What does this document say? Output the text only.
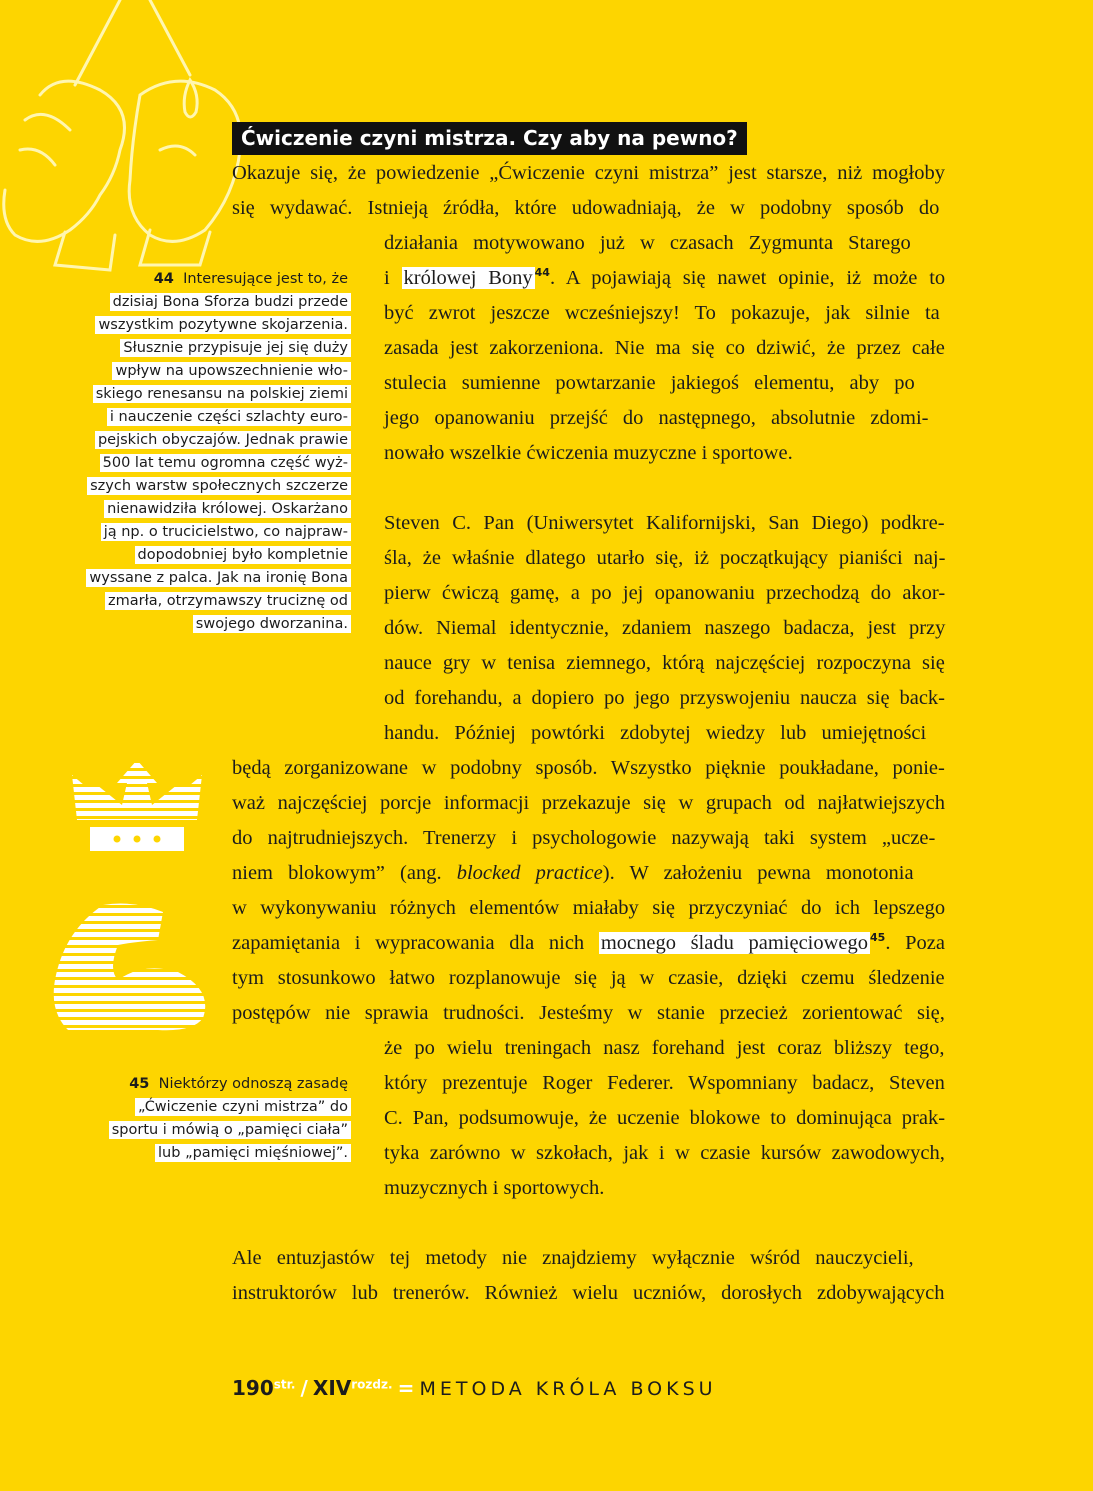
Ćwiczenie czyni mistrza. Czy aby na pewno?
Okazuje się, że powiedzenie „Ćwiczenie czyni mistrza” jest starsze, niż mogłoby
się wydawać. Istnieją źródła, które udowadniają, że w podobny sposób do
działania motywowano już w czasach Zygmunta Starego
i królowej Bony $^{44}$. A pojawiają się nawet opinie, iż może to
być zwrot jeszcze wcześniejszy! To pokazuje, jak silnie ta
zasada jest zakorzeniona. Nie ma się co dziwić, że przez całe
stulecia sumienne powtarzanie jakiegoś elementu, aby po
jego opanowaniu przejść do następnego, absolutnie zdomi-
nowało wszelkie ćwiczenia muzyczne i sportowe.
Steven C. Pan (Uniwersytet Kalifornijski, San Diego) podkre-
śla, że właśnie dlatego utarło się, iż początkujący pianiści naj-
pierw ćwiczą gamę, a po jej opanowaniu przechodzą do akor-
dów. Niemal identycznie, zdaniem naszego badacza, jest przy
nauce gry w tenisa ziemnego, którą najczęściej rozpoczyna się
od forehandu, a dopiero po jego przyswojeniu naucza się back-
handu. Później powtórki zdobytej wiedzy lub umiejętności
będą zorganizowane w podobny sposób. Wszystko pięknie poukładane, ponie-
waż najczęściej porcje informacji przekazuje się w grupach od najłatwiejszych
do najtrudniejszych. Trenerzy i psychologowie nazywają taki system „ucze-
niem blokowym” (ang. blocked practice). W założeniu pewna monotonia
w wykonywaniu różnych elementów miałaby się przyczyniać do ich lepszego
zapamiętania i wypracowania dla nich mocnego śladu pamięciowego $^{45}$. Poza
tym stosunkowo łatwo rozplanowuje się ją w czasie, dzięki czemu śledzenie
postępów nie sprawia trudności. Jesteśmy w stanie przecież zorientować się,
że po wielu treningach nasz forehand jest coraz bliższy tego,
który prezentuje Roger Federer. Wspomniany badacz, Steven
C. Pan, podsumowuje, że uczenie blokowe to dominująca prak-
tyka zarówno w szkołach, jak i w czasie kursów zawodowych,
muzycznych i sportowych.
Ale entuzjastów tej metody nie znajdziemy wyłącznie wśród nauczycieli,
instruktorów lub trenerów. Również wielu uczniów, dorosłych zdobywających
44 Interesujące jest to, że
dzisiaj Bona Sforza budzi przede
wszystkim pozytywne skojarzenia.
Słusznie przypisuje jej się duży
wpływ na upowszechnienie wło-
skiego renesansu na polskiej ziemi
i nauczenie części szlachty euro-
pejskich obyczajów. Jednak prawie
500 lat temu ogromna część wyż-
szych warstw społecznych szczerze
nienawidziła królowej. Oskarżano
ją np. o trucicielstwo, co najpraw-
dopodobniej było kompletnie
wyssane z palca. Jak na ironię Bona
zmarła, otrzymawszy truciznę od
swojego dworzanina.
45 Niektórzy odnoszą zasadę
„Ćwiczenie czyni mistrza” do
sportu i mówią o „pamięci ciała”
lub „pamięci mięśniowej”.
$190^{str.} / XIV^{rozdz.}$ = METODA KRÓLA BOKSU
